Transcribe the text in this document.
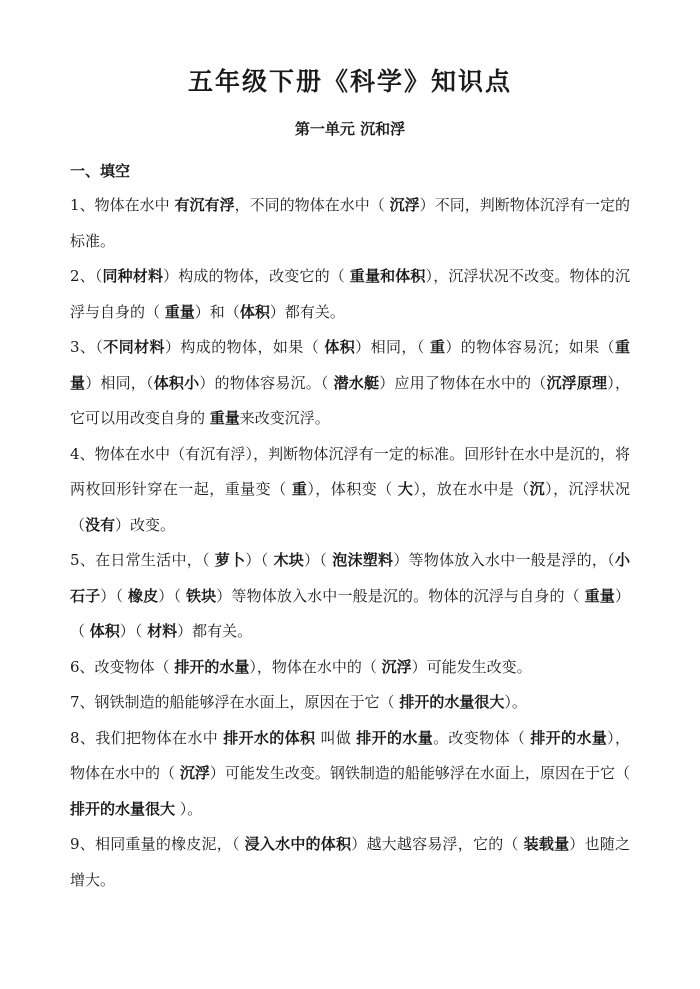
五年级下册《科学》知识点
第一单元 沉和浮
一、填空

1、物体在水中 有沉有浮，不同的物体在水中（ 沉浮）不同，判断物体沉浮有一定的标准。

2、（同种材料）构成的物体，改变它的（ 重量和体积），沉浮状况不改变。物体的沉浮与自身的（ 重量）和（体积）都有关。

3、（不同材料）构成的物体，如果（ 体积）相同，（ 重）的物体容易沉；如果（重量）相同，（体积小）的物体容易沉。（ 潜水艇）应用了物体在水中的（沉浮原理），它可以用改变自身的 重量来改变沉浮。

4、物体在水中（有沉有浮），判断物体沉浮有一定的标准。回形针在水中是沉的，将两枚回形针穿在一起，重量变（ 重），体积变（ 大），放在水中是（沉），沉浮状况（没有）改变。

5、在日常生活中，（ 萝卜）（ 木块）（ 泡沫塑料）等物体放入水中一般是浮的，（小石子）（ 橡皮）（ 铁块）等物体放入水中一般是沉的。物体的沉浮与自身的（ 重量）（ 体积）（ 材料）都有关。

6、改变物体（ 排开的水量），物体在水中的（ 沉浮）可能发生改变。

7、钢铁制造的船能够浮在水面上，原因在于它（ 排开的水量很大）。

8、我们把物体在水中 排开水的体积 叫做 排开的水量。改变物体（ 排开的水量），物体在水中的（ 沉浮）可能发生改变。钢铁制造的船能够浮在水面上，原因在于它（ 排开的水量很大 ）。

9、相同重量的橡皮泥，（ 浸入水中的体积）越大越容易浮，它的（ 装载量）也随之增大。
